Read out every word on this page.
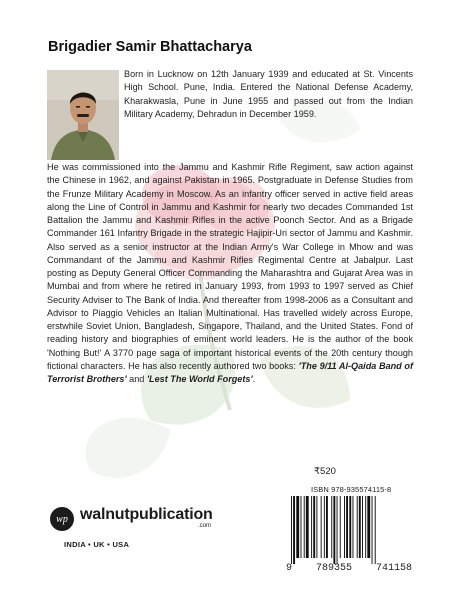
Brigadier Samir Bhattacharya
Born in Lucknow on 12th January 1939 and educated at St. Vincents High School. Pune, India. Entered the National Defense Academy, Kharakwasla, Pune in June 1955 and passed out from the Indian Military Academy, Dehradun in December 1959.
He was commissioned into the Jammu and Kashmir Rifle Regiment, saw action against the Chinese in 1962, and against Pakistan in 1965. Postgraduate in Defense Studies from the Frunze Military Academy in Moscow. As an infantry officer served in active field areas along the Line of Control in Jammu and Kashmir for nearly two decades Commanded 1st Battalion the Jammu and Kashmir Rifles in the active Poonch Sector. And as a Brigade Commander 161 Infantry Brigade in the strategic Hajipir-Uri sector of Jammu and Kashmir. Also served as a senior instructor at the Indian Army's War College in Mhow and was Commandant of the Jammu and Kashmir Rifles Regimental Centre at Jabalpur. Last posting as Deputy General Officer Commanding the Maharashtra and Gujarat Area was in Mumbai and from where he retired in January 1993, from 1993 to 1997 served as Chief Security Adviser to The Bank of India. And thereafter from 1998-2006 as a Consultant and Advisor to Piaggio Vehicles an Italian Multinational. Has travelled widely across Europe, erstwhile Soviet Union, Bangladesh, Singapore, Thailand, and the United States. Fond of reading history and biographies of eminent world leaders. He is the author of the book 'Nothing But!' A 3770 page saga of important historical events of the 20th century though fictional characters. He has also recently authored two books: 'The 9/11 Al-Qaida Band of Terrorist Brothers' and 'Lest The World Forgets'.
₹520
ISBN 978-935574115-8
9 789355 741158
wp walnutpublication
.com
INDIA • UK • USA
